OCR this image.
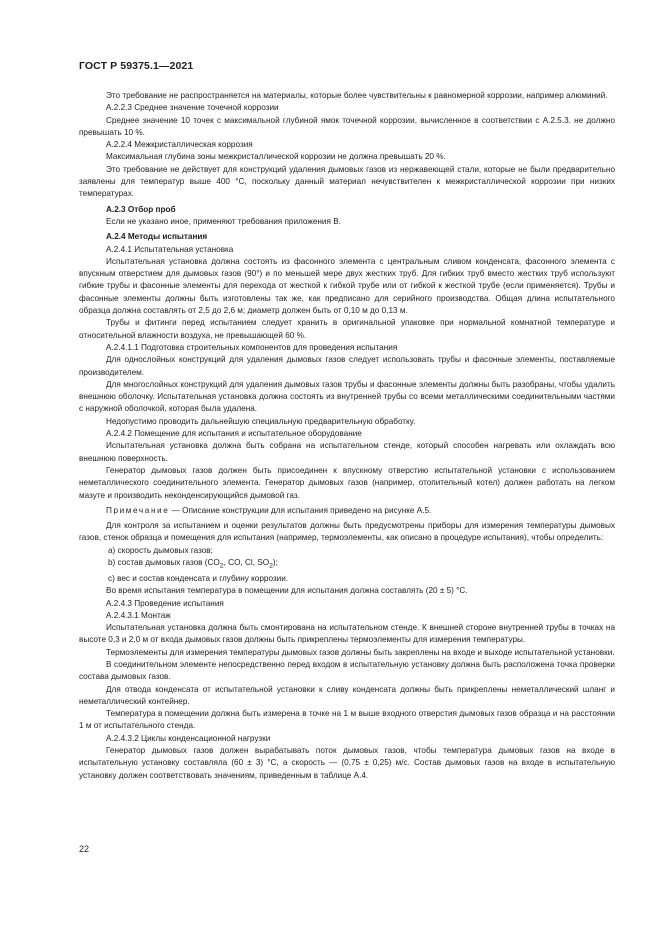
ГОСТ Р 59375.1—2021
Это требование не распространяется на материалы, которые более чувствительны к равномерной коррозии, например алюминий.
А.2.2.3 Среднее значение точечной коррозии
Среднее значение 10 точек с максимальной глубиной ямок точечной коррозии, вычисленное в соответствии с А.2.5.3. не должно превышать 10 %.
А.2.2.4 Межкристаллическая коррозия
Максимальная глубина зоны межкристаллической коррозии не должна превышать 20 %.
Это требование не действует для конструкций удаления дымовых газов из нержавеющей стали, которые не были предварительно заявлены для температур выше 400 °C, поскольку данный материал нечувствителен к межкристаллической коррозии при низких температурах.
А.2.3 Отбор проб
Если не указано иное, применяют требования приложения В.
А.2.4 Методы испытания
А.2.4.1 Испытательная установка
Испытательная установка должна состоять из фасонного элемента с центральным сливом конденсата, фасонного элемента с впускным отверстием для дымовых газов (90°) и по меньшей мере двух жестких труб. Для гибких труб вместо жестких труб используют гибкие трубы и фасонные элементы для перехода от жесткой к гибкой трубе или от гибкой к жесткой трубе (если применяется). Трубы и фасонные элементы должны быть изготовлены так же, как предписано для серийного производства. Общая длина испытательного образца должна составлять от 2,5 до 2,6 м; диаметр должен быть от 0,10 м до 0,13 м.
Трубы и фитинги перед испытанием следует хранить в оригинальной упаковке при нормальной комнатной температуре и относительной влажности воздуха, не превышающей 60 %.
А.2.4.1.1 Подготовка строительных компонентов для проведения испытания
Для однослойных конструкций для удаления дымовых газов следует использовать трубы и фасонные элементы, поставляемые производителем.
Для многослойных конструкций для удаления дымовых газов трубы и фасонные элементы должны быть разобраны, чтобы удалить внешнюю оболочку. Испытательная установка должна состоять из внутренней трубы со всеми металлическими соединительными частями с наружной оболочкой, которая была удалена.
Недопустимо проводить дальнейшую специальную предварительную обработку.
А.2.4.2 Помещение для испытания и испытательное оборудование
Испытательная установка должна быть собрана на испытательном стенде, который способен нагревать или охлаждать всю внешнюю поверхность.
Генератор дымовых газов должен быть присоединен к впускному отверстию испытательной установки с использованием неметаллического соединительного элемента. Генератор дымовых газов (например, отопительный котел) должен работать на легком мазуте и производить неконденсирующийся дымовой газ.
Примечание — Описание конструкции для испытания приведено на рисунке А.5.
Для контроля за испытанием и оценки результатов должны быть предусмотрены приборы для измерения температуры дымовых газов, стенок образца и помещения для испытания (например, термоэлементы, как описано в процедуре испытания), чтобы определить:
a) скорость дымовых газов;
b) состав дымовых газов ($CO_2$, CO, Cl, $SO_2$);
c) вес и состав конденсата и глубину коррозии.
Во время испытания температура в помещении для испытания должна составлять (20 ± 5) °C.
А.2.4.3 Проведение испытания
А.2.4.3.1 Монтаж
Испытательная установка должна быть смонтирована на испытательном стенде. К внешней стороне внутренней трубы в точках на высоте 0,3 и 2,0 м от входа дымовых газов должны быть прикреплены термоэлементы для измерения температуры.
Термоэлементы для измерения температуры дымовых газов должны быть закреплены на входе и выходе испытательной установки.
В соединительном элементе непосредственно перед входом в испытательную установку должна быть расположена точка проверки состава дымовых газов.
Для отвода конденсата от испытательной установки к сливу конденсата должны быть прикреплены неметаллический шланг и неметаллический контейнер.
Температура в помещении должна быть измерена в точке на 1 м выше входного отверстия дымовых газов образца и на расстоянии 1 м от испытательного стенда.
А.2.4.3.2 Циклы конденсационной нагрузки
Генератор дымовых газов должен вырабатывать поток дымовых газов, чтобы температура дымовых газов на входе в испытательную установку составляла (60 ± 3) °C, а скорость — (0,75 ± 0,25) м/с. Состав дымовых газов на входе в испытательную установку должен соответствовать значениям, приведенным в таблице А.4.
22
